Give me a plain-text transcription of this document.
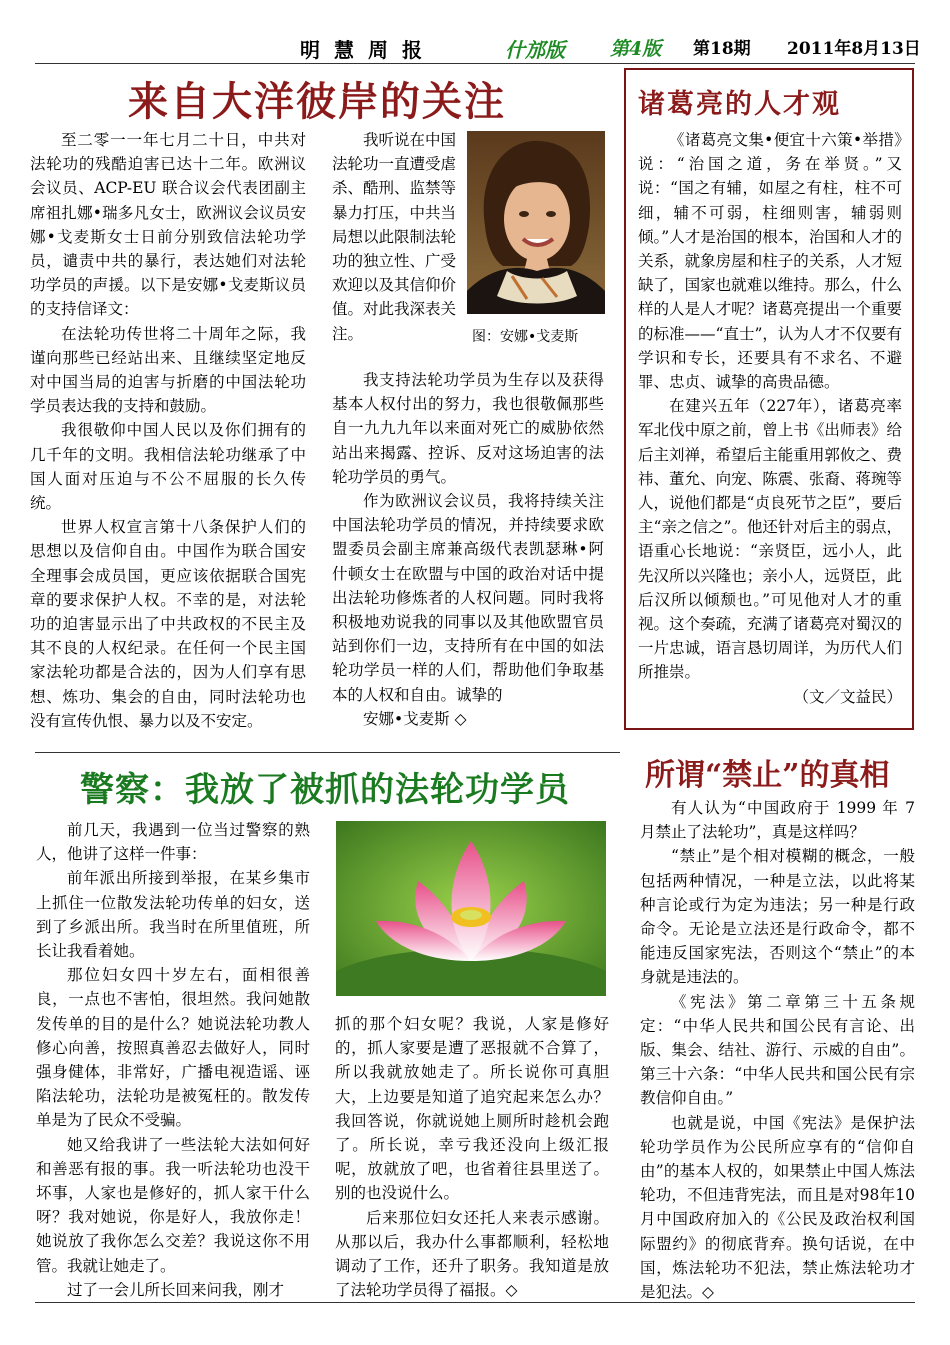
明慧周报	什邡版 第4版 第18期 2011年8月13日
来自大洋彼岸的关注

至二零一一年七月二十日，中共对法轮功的残酷迫害已达十二年。欧洲议会议员、ACP-EU 联合议会代表团副主席祖扎娜•瑞多凡女士，欧洲议会议员安娜•戈麦斯女士日前分别致信法轮功学员，谴责中共的暴行，表达她们对法轮功学员的声援。以下是安娜•戈麦斯议员的支持信译文：

在法轮功传世将二十周年之际，我谨向那些已经站出来、且继续坚定地反对中国当局的迫害与折磨的中国法轮功学员表达我的支持和鼓励。

我很敬仰中国人民以及你们拥有的几千年的文明。我相信法轮功继承了中国人面对压迫与不公不屈服的长久传统。

世界人权宣言第十八条保护人们的思想以及信仰自由。中国作为联合国安全理事会成员国，更应该依据联合国宪章的要求保护人权。不幸的是，对法轮功的迫害显示出了中共政权的不民主及其不良的人权纪录。在任何一个民主国家法轮功都是合法的，因为人们享有思想、炼功、集会的自由，同时法轮功也没有宣传仇恨、暴力以及不安定。

我听说在中国法轮功一直遭受虐杀、酷刑、监禁等暴力打压，中共当局想以此限制法轮功的独立性、广受欢迎以及其信仰价值。对此我深表关注。	图：安娜•戈麦斯

我支持法轮功学员为生存以及获得基本人权付出的努力，我也很敬佩那些自一九九九年以来面对死亡的威胁依然站出来揭露、控诉、反对这场迫害的法轮功学员的勇气。

作为欧洲议会议员，我将持续关注中国法轮功学员的情况，并持续要求欧盟委员会副主席兼高级代表凯瑟琳•阿什顿女士在欧盟与中国的政治对话中提出法轮功修炼者的人权问题。同时我将积极地劝说我的同事以及其他欧盟官员站到你们一边，支持所有在中国的如法轮功学员一样的人们，帮助他们争取基本的人权和自由。诚挚的

安娜•戈麦斯 ◇

诸葛亮的人才观

《诸葛亮文集•便宜十六策•举措》说：“治国之道，务在举贤。”又说：“国之有辅，如屋之有柱，柱不可细，辅不可弱，柱细则害，辅弱则倾。”人才是治国的根本，治国和人才的关系，就象房屋和柱子的关系，人才短缺了，国家也就难以维持。那么，什么样的人是人才呢？诸葛亮提出一个重要的标准——“直士”，认为人才不仅要有学识和专长，还要具有不求名、不避罪、忠贞、诚挚的高贵品德。

在建兴五年（227年），诸葛亮率军北伐中原之前，曾上书《出师表》给后主刘禅，希望后主能重用郭攸之、费祎、董允、向宠、陈震、张裔、蒋琬等人，说他们都是“贞良死节之臣”，要后主“亲之信之”。他还针对后主的弱点，语重心长地说：“亲贤臣，远小人，此先汉所以兴隆也；亲小人，远贤臣，此后汉所以倾颓也。”可见他对人才的重视。这个奏疏，充满了诸葛亮对蜀汉的一片忠诚，语言恳切周详，为历代人们所推崇。

（文／文益民）

警察：我放了被抓的法轮功学员

前几天，我遇到一位当过警察的熟人，他讲了这样一件事：

前年派出所接到举报，在某乡集市上抓住一位散发法轮功传单的妇女，送到了乡派出所。我当时在所里值班，所长让我看着她。

那位妇女四十岁左右，面相很善良，一点也不害怕，很坦然。我问她散发传单的目的是什么？她说法轮功教人修心向善，按照真善忍去做好人，同时强身健体，非常好，广播电视造谣、诬陷法轮功，法轮功是被冤枉的。散发传单是为了民众不受骗。

她又给我讲了一些法轮大法如何好和善恶有报的事。我一听法轮功也没干坏事，人家也是修好的，抓人家干什么呀？我对她说，你是好人，我放你走！她说放了我你怎么交差？我说这你不用管。我就让她走了。

过了一会儿所长回来问我，刚才

抓的那个妇女呢？我说，人家是修好的，抓人家要是遭了恶报就不合算了，所以我就放她走了。所长说你可真胆大，上边要是知道了追究起来怎么办？我回答说，你就说她上厕所时趁机会跑了。所长说，幸亏我还没向上级汇报呢，放就放了吧，也省着往县里送了。别的也没说什么。

后来那位妇女还托人来表示感谢。从那以后，我办什么事都顺利，轻松地调动了工作，还升了职务。我知道是放了法轮功学员得了福报。◇

所谓“禁止”的真相

有人认为“中国政府于 1999 年 7 月禁止了法轮功”，真是这样吗？

“禁止”是个相对模糊的概念，一般包括两种情况，一种是立法，以此将某种言论或行为定为违法；另一种是行政命令。无论是立法还是行政命令，都不能违反国家宪法，否则这个“禁止”的本身就是违法的。

《宪法》第二章第三十五条规定：“中华人民共和国公民有言论、出版、集会、结社、游行、示威的自由”。第三十六条：“中华人民共和国公民有宗教信仰自由。”

也就是说，中国《宪法》是保护法轮功学员作为公民所应享有的“信仰自由”的基本人权的，如果禁止中国人炼法轮功，不但违背宪法，而且是对98年10月中国政府加入的《公民及政治权利国际盟约》的彻底背弃。换句话说，在中国，炼法轮功不犯法，禁止炼法轮功才是犯法。◇
